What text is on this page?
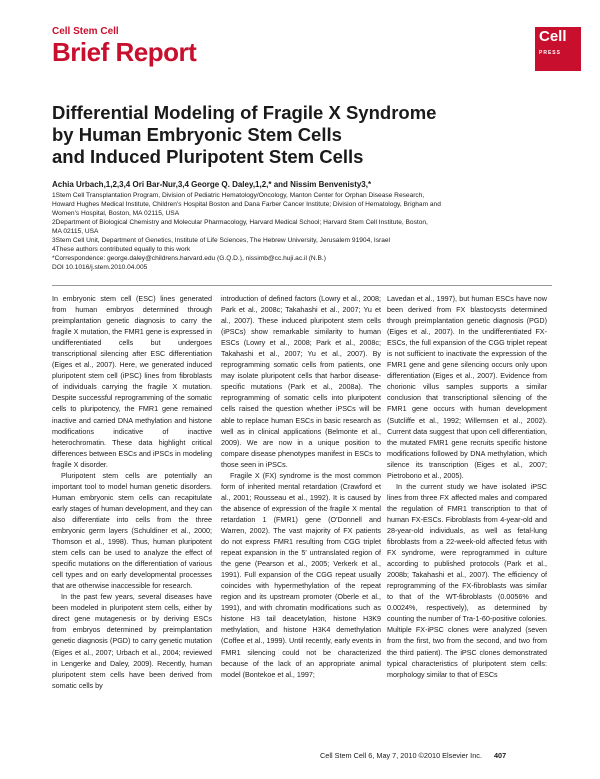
Cell Stem Cell
Brief Report
Cell
PRESS
Differential Modeling of Fragile X Syndrome
by Human Embryonic Stem Cells
and Induced Pluripotent Stem Cells
Achia Urbach,1,2,3,4 Ori Bar-Nur,3,4 George Q. Daley,1,2,* and Nissim Benvenisty3,*
1Stem Cell Transplantation Program, Division of Pediatric Hematology/Oncology, Manton Center for Orphan Disease Research,
Howard Hughes Medical Institute, Children's Hospital Boston and Dana Farber Cancer Institute; Division of Hematology, Brigham and
Women's Hospital, Boston, MA 02115, USA
2Department of Biological Chemistry and Molecular Pharmacology, Harvard Medical School; Harvard Stem Cell Institute, Boston,
MA 02115, USA
3Stem Cell Unit, Department of Genetics, Institute of Life Sciences, The Hebrew University, Jerusalem 91904, Israel
4These authors contributed equally to this work
*Correspondence: george.daley@childrens.harvard.edu (G.Q.D.), nissimb@cc.huji.ac.il (N.B.)
DOI 10.1016/j.stem.2010.04.005

In embryonic stem cell (ESC) lines generated from human embryos determined through preimplantation genetic diagnosis to carry the fragile X mutation, the FMR1 gene is expressed in undifferentiated cells but undergoes transcriptional silencing after ESC differentiation (Eiges et al., 2007). Here, we generated induced pluripotent stem cell (iPSC) lines from fibroblasts of individuals carrying the fragile X mutation. Despite successful reprogramming of the somatic cells to pluripotency, the FMR1 gene remained inactive and carried DNA methylation and histone modifications indicative of inactive heterochromatin. These data highlight critical differences between ESCs and iPSCs in modeling fragile X disorder.

Pluripotent stem cells are potentially an important tool to model human genetic disorders. Human embryonic stem cells can recapitulate early stages of human development, and they can also differentiate into cells from the three embryonic germ layers (Schuldiner et al., 2000; Thomson et al., 1998). Thus, human pluripotent stem cells can be used to analyze the effect of specific mutations on the differentiation of various cell types and on early developmental processes that are otherwise inaccessible for research.

In the past few years, several diseases have been modeled in pluripotent stem cells, either by direct gene mutagenesis or by deriving ESCs from embryos determined by preimplantation genetic diagnosis (PGD) to carry genetic mutation (Eiges et al., 2007; Urbach et al., 2004; reviewed in Lengerke and Daley, 2009). Recently, human pluripotent stem cells have been derived from somatic cells by

introduction of defined factors (Lowry et al., 2008; Park et al., 2008c; Takahashi et al., 2007; Yu et al., 2007). These induced pluripotent stem cells (iPSCs) show remarkable similarity to human ESCs (Lowry et al., 2008; Park et al., 2008c; Takahashi et al., 2007; Yu et al., 2007). By reprogramming somatic cells from patients, one may isolate pluripotent cells that harbor disease-specific mutations (Park et al., 2008a). The reprogramming of somatic cells into pluripotent cells raised the question whether iPSCs will be able to replace human ESCs in basic research as well as in clinical applications (Belmonte et al., 2009). We are now in a unique position to compare disease phenotypes manifest in ESCs to those seen in iPSCs.

Fragile X (FX) syndrome is the most common form of inherited mental retardation (Crawford et al., 2001; Rousseau et al., 1992). It is caused by the absence of expression of the fragile X mental retardation 1 (FMR1) gene (O'Donnell and Warren, 2002). The vast majority of FX patients do not express FMR1 resulting from CGG triplet repeat expansion in the 5' untranslated region of the gene (Pearson et al., 2005; Verkerk et al., 1991). Full expansion of the CGG repeat usually coincides with hypermethylation of the repeat region and its upstream promoter (Oberle et al., 1991), and with chromatin modifications such as histone H3 tail deacetylation, histone H3K9 methylation, and histone H3K4 demethylation (Coffee et al., 1999). Until recently, early events in FMR1 silencing could not be characterized because of the lack of an appropriate animal model (Bontekoe et al., 1997;

Lavedan et al., 1997), but human ESCs have now been derived from FX blastocysts determined through preimplantation genetic diagnosis (PGD) (Eiges et al., 2007). In the undifferentiated FX-ESCs, the full expansion of the CGG triplet repeat is not sufficient to inactivate the expression of the FMR1 gene and gene silencing occurs only upon differentiation (Eiges et al., 2007). Evidence from chorionic villus samples supports a similar conclusion that transcriptional silencing of the FMR1 gene occurs with human development (Sutcliffe et al., 1992; Willemsen et al., 2002). Current data suggest that upon cell differentiation, the mutated FMR1 gene recruits specific histone modifications followed by DNA methylation, which silence its transcription (Eiges et al., 2007; Pietrobono et al., 2005).

In the current study we have isolated iPSC lines from three FX affected males and compared the regulation of FMR1 transcription to that of human FX-ESCs. Fibroblasts from 4-year-old and 28-year-old individuals, as well as fetal-lung fibroblasts from a 22-week-old affected fetus with FX syndrome, were reprogrammed in culture according to published protocols (Park et al., 2008b; Takahashi et al., 2007). The efficiency of reprogramming of the FX-fibroblasts was similar to that of the WT-fibroblasts (0.0056% and 0.0024%, respectively), as determined by counting the number of Tra-1-60-positive colonies. Multiple FX-iPSC clones were analyzed (seven from the first, two from the second, and two from the third patient). The iPSC clones demonstrated typical characteristics of pluripotent stem cells: morphology similar to that of ESCs

Cell Stem Cell 6, May 7, 2010 ©2010 Elsevier Inc. 407
